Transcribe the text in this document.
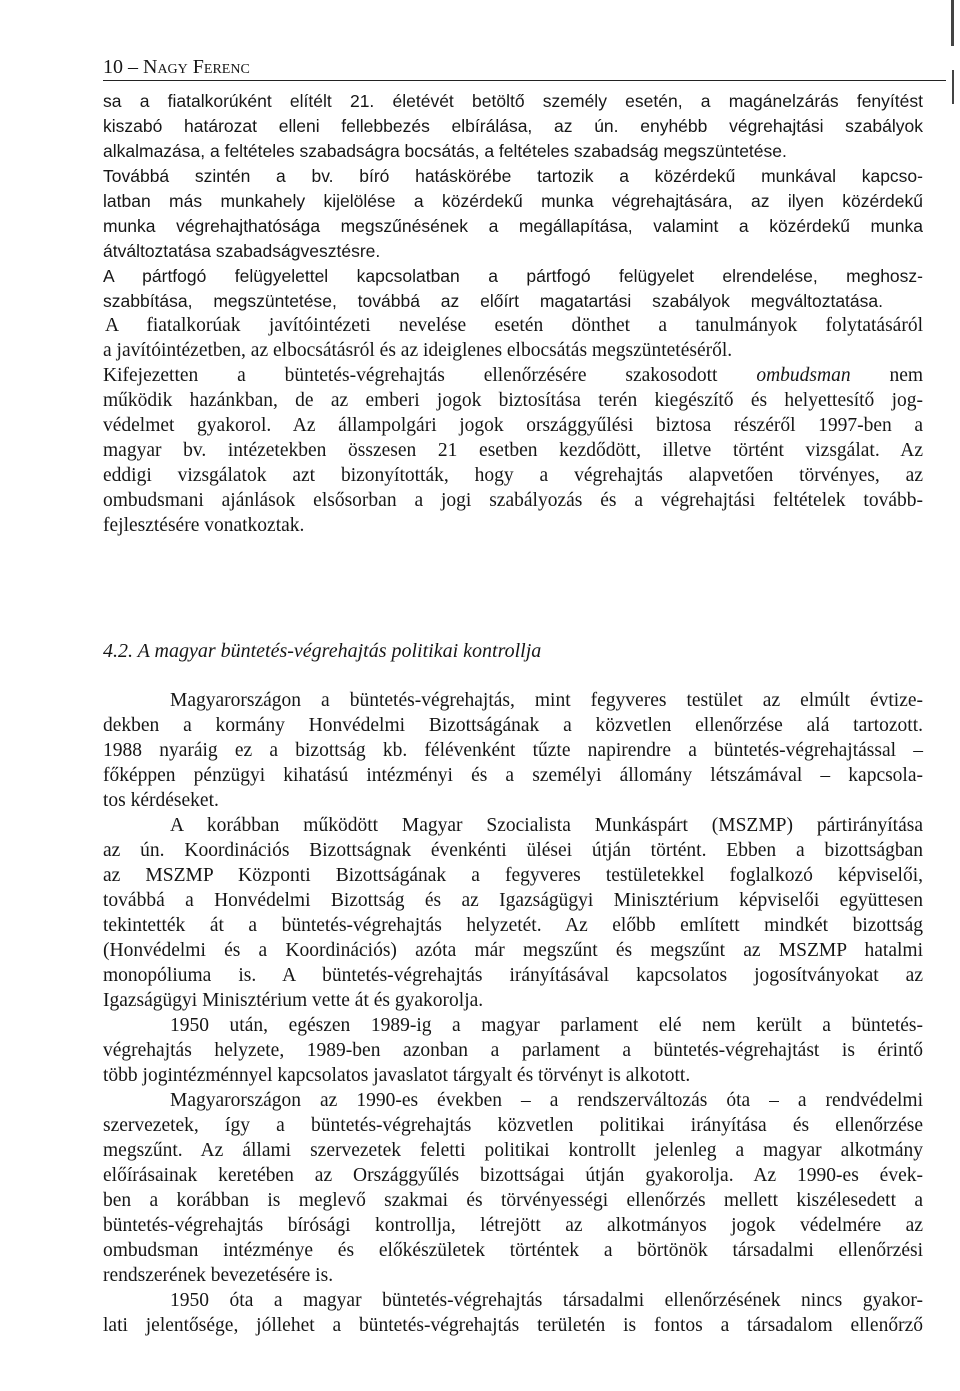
10 – Nagy Ferenc
sa a fiatalkorúként elítélt 21. életévét betöltő személy esetén, a magánelzárás fenyítést
kiszabó határozat elleni fellebbezés elbírálása, az ún. enyhébb végrehajtási szabályok
alkalmazása, a feltételes szabadságra bocsátás, a feltételes szabadság megszüntetése.
Továbbá szintén a bv. bíró hatáskörébe tartozik a közérdekű munkával kapcso-
latban más munkahely kijelölése a közérdekű munka végrehajtására, az ilyen közérdekű
munka végrehajthatósága megszűnésének a megállapítása, valamint a közérdekű munka
átváltoztatása szabadságvesztésre.
A pártfogó felügyelettel kapcsolatban a pártfogó felügyelet elrendelése, meghosz-
szabbítása, megszüntetése, továbbá az előírt magatartási szabályok megváltoztatása.
A fiatalkorúak javítóintézeti nevelése esetén dönthet a tanulmányok folytatásáról
a javítóintézetben, az elbocsátásról és az ideiglenes elbocsátás megszüntetéséről.
Kifejezetten a büntetés-végrehajtás ellenőrzésére szakosodott ombudsman nem
működik hazánkban, de az emberi jogok biztosítása terén kiegészítő és helyettesítő jog-
védelmet gyakorol. Az állampolgári jogok országgyűlési biztosa részéről 1997-ben a
magyar bv. intézetekben összesen 21 esetben kezdődött, illetve történt vizsgálat. Az
eddigi vizsgálatok azt bizonyították, hogy a végrehajtás alapvetően törvényes, az
ombudsmani ajánlások elsősorban a jogi szabályozás és a végrehajtási feltételek tovább-
fejlesztésére vonatkoztak.
4.2. A magyar büntetés-végrehajtás politikai kontrollja
Magyarországon a büntetés-végrehajtás, mint fegyveres testület az elmúlt évtize-
dekben a kormány Honvédelmi Bizottságának a közvetlen ellenőrzése alá tartozott.
1988 nyaráig ez a bizottság kb. félévenként tűzte napirendre a büntetés-végrehajtással –
főképpen pénzügyi kihatású intézményi és a személyi állomány létszámával – kapcsola-
tos kérdéseket.
A korábban működött Magyar Szocialista Munkáspárt (MSZMP) pártirányítása
az ún. Koordinációs Bizottságnak évenkénti ülései útján történt. Ebben a bizottságban
az MSZMP Központi Bizottságának a fegyveres testületekkel foglalkozó képviselői,
továbbá a Honvédelmi Bizottság és az Igazságügyi Minisztérium képviselői együttesen
tekintették át a büntetés-végrehajtás helyzetét. Az előbb említett mindkét bizottság
(Honvédelmi és a Koordinációs) azóta már megszűnt és megszűnt az MSZMP hatalmi
monopóliuma is. A büntetés-végrehajtás irányításával kapcsolatos jogosítványokat az
Igazságügyi Minisztérium vette át és gyakorolja.
1950 után, egészen 1989-ig a magyar parlament elé nem került a büntetés-
végrehajtás helyzete, 1989-ben azonban a parlament a büntetés-végrehajtást is érintő
több jogintézménnyel kapcsolatos javaslatot tárgyalt és törvényt is alkotott.
Magyarországon az 1990-es években – a rendszerváltozás óta – a rendvédelmi
szervezetek, így a büntetés-végrehajtás közvetlen politikai irányítása és ellenőrzése
megszűnt. Az állami szervezetek feletti politikai kontrollt jelenleg a magyar alkotmány
előírásainak keretében az Országgyűlés bizottságai útján gyakorolja. Az 1990-es évek-
ben a korábban is meglevő szakmai és törvényességi ellenőrzés mellett kiszélesedett a
büntetés-végrehajtás bírósági kontrollja, létrejött az alkotmányos jogok védelmére az
ombudsman intézménye és előkészületek történtek a börtönök társadalmi ellenőrzési
rendszerének bevezetésére is.
1950 óta a magyar büntetés-végrehajtás társadalmi ellenőrzésének nincs gyakor-
lati jelentősége, jóllehet a büntetés-végrehajtás területén is fontos a társadalom ellenőrző
